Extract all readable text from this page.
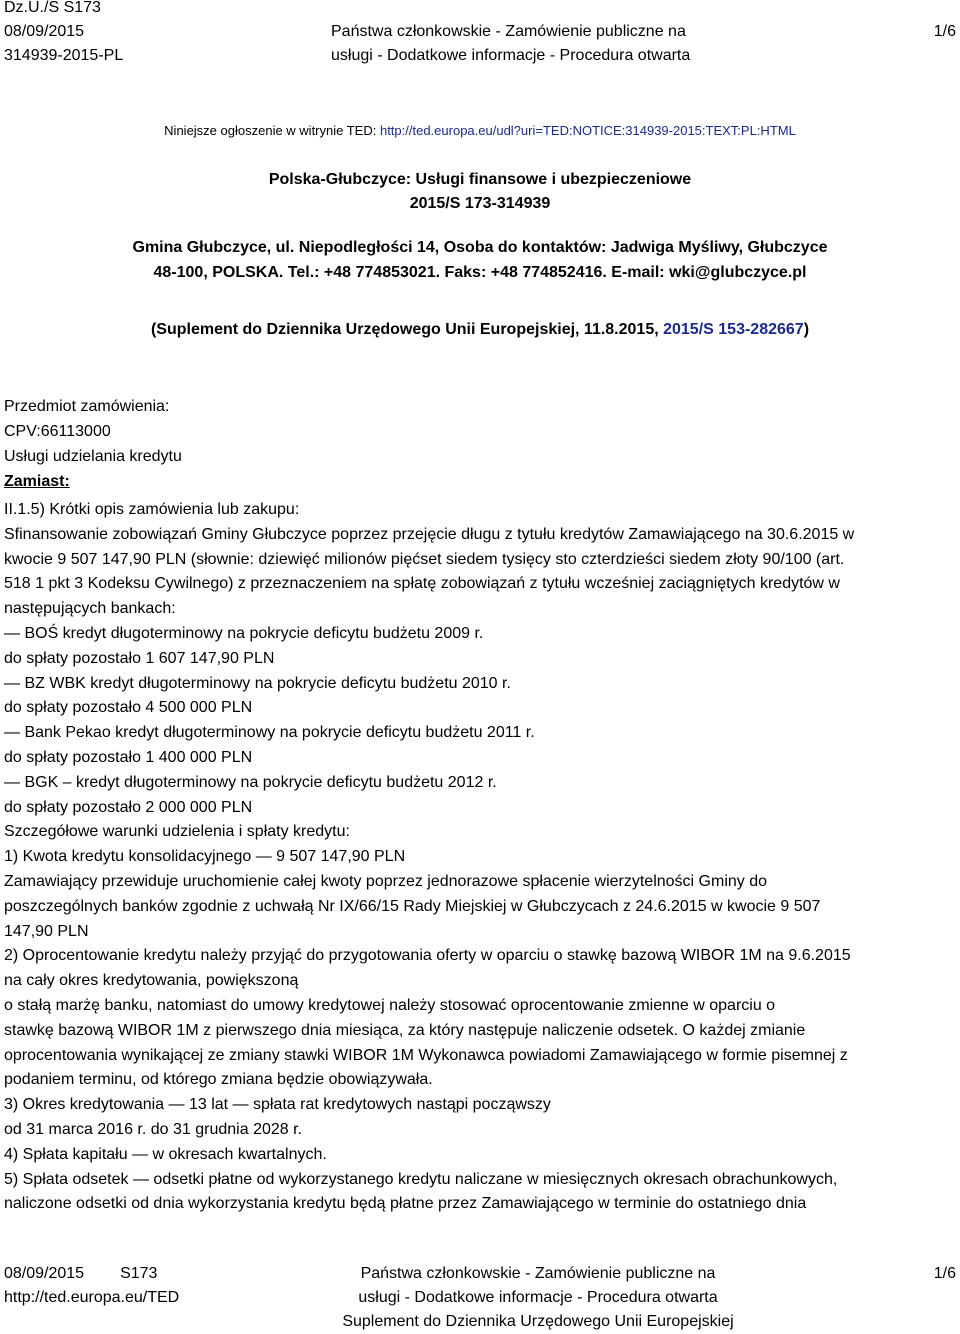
Dz.U./S S173
08/09/2015
314939-2015-PL
Państwa członkowskie - Zamówienie publiczne na
usługi - Dodatkowe informacje - Procedura otwarta
1/6
Niniejsze ogłoszenie w witrynie TED: http://ted.europa.eu/udl?uri=TED:NOTICE:314939-2015:TEXT:PL:HTML
Polska-Głubczyce: Usługi finansowe i ubezpieczeniowe
2015/S 173-314939
Gmina Głubczyce, ul. Niepodległości 14, Osoba do kontaktów: Jadwiga Myśliwy, Głubczyce
48-100, POLSKA. Tel.: +48 774853021. Faks: +48 774852416. E-mail: wki@glubczyce.pl
(Suplement do Dziennika Urzędowego Unii Europejskiej, 11.8.2015, 2015/S 153-282667)
Przedmiot zamówienia:
CPV:66113000
Usługi udzielania kredytu
Zamiast:
II.1.5) Krótki opis zamówienia lub zakupu:
Sfinansowanie zobowiązań Gminy Głubczyce poprzez przejęcie długu z tytułu kredytów Zamawiającego na 30.6.2015 w
kwocie 9 507 147,90 PLN (słownie: dziewięć milionów pięćset siedem tysięcy sto czterdzieści siedem złoty 90/100 (art.
518 1 pkt 3 Kodeksu Cywilnego) z przeznaczeniem na spłatę zobowiązań z tytułu wcześniej zaciągniętych kredytów w
następujących bankach:
— BOŚ kredyt długoterminowy na pokrycie deficytu budżetu 2009 r.
do spłaty pozostało 1 607 147,90 PLN
— BZ WBK kredyt długoterminowy na pokrycie deficytu budżetu 2010 r.
do spłaty pozostało 4 500 000 PLN
— Bank Pekao kredyt długoterminowy na pokrycie deficytu budżetu 2011 r.
do spłaty pozostało 1 400 000 PLN
— BGK – kredyt długoterminowy na pokrycie deficytu budżetu 2012 r.
do spłaty pozostało 2 000 000 PLN
Szczegółowe warunki udzielenia i spłaty kredytu:
1) Kwota kredytu konsolidacyjnego — 9 507 147,90 PLN
Zamawiający przewiduje uruchomienie całej kwoty poprzez jednorazowe spłacenie wierzytelności Gminy do
poszczególnych banków zgodnie z uchwałą Nr IX/66/15 Rady Miejskiej w Głubczycach z 24.6.2015 w kwocie 9 507
147,90 PLN
2) Oprocentowanie kredytu należy przyjąć do przygotowania oferty w oparciu o stawkę bazową WIBOR 1M na 9.6.2015
na cały okres kredytowania, powiększoną
o stałą marżę banku, natomiast do umowy kredytowej należy stosować oprocentowanie zmienne w oparciu o
stawkę bazową WIBOR 1M z pierwszego dnia miesiąca, za który następuje naliczenie odsetek. O każdej zmianie
oprocentowania wynikającej ze zmiany stawki WIBOR 1M Wykonawca powiadomi Zamawiającego w formie pisemnej z
podaniem terminu, od którego zmiana będzie obowiązywała.
3) Okres kredytowania — 13 lat — spłata rat kredytowych nastąpi począwszy
od 31 marca 2016 r. do 31 grudnia 2028 r.
4) Spłata kapitału — w okresach kwartalnych.
5) Spłata odsetek — odsetki płatne od wykorzystanego kredytu naliczane w miesięcznych okresach obrachunkowych,
naliczone odsetki od dnia wykorzystania kredytu będą płatne przez Zamawiającego w terminie do ostatniego dnia
08/09/2015 S173
http://ted.europa.eu/TED
Państwa członkowskie - Zamówienie publiczne na
usługi - Dodatkowe informacje - Procedura otwarta
Suplement do Dziennika Urzędowego Unii Europejskiej
1/6
